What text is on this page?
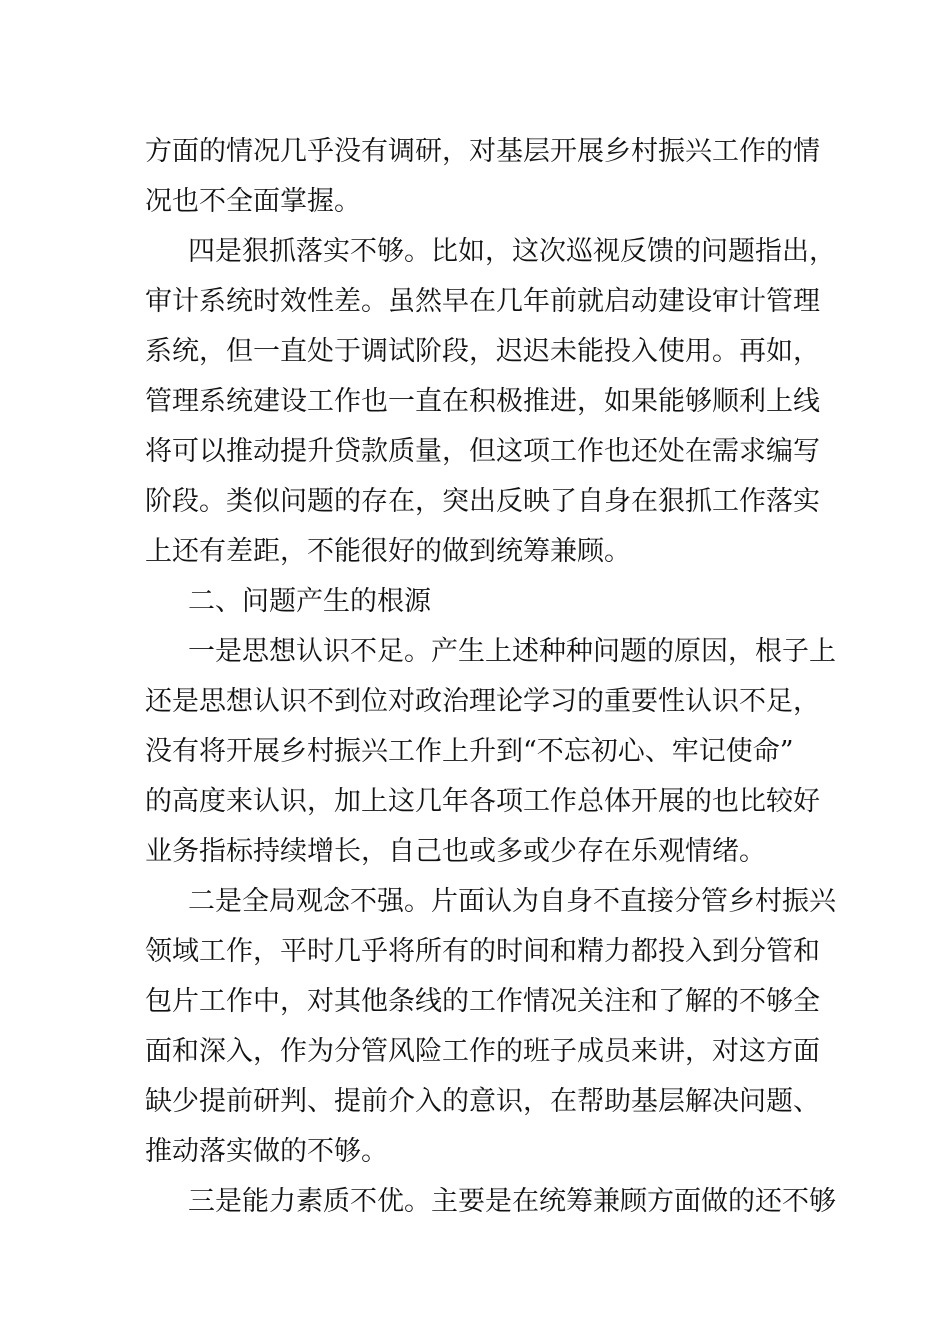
方面的情况几乎没有调研，对基层开展乡村振兴工作的情
况也不全面掌握。
四是狠抓落实不够。比如，这次巡视反馈的问题指出，
审计系统时效性差。虽然早在几年前就启动建设审计管理
系统，但一直处于调试阶段，迟迟未能投入使用。再如，
管理系统建设工作也一直在积极推进，如果能够顺利上线
将可以推动提升贷款质量，但这项工作也还处在需求编写
阶段。类似问题的存在，突出反映了自身在狠抓工作落实
上还有差距，不能很好的做到统筹兼顾。
二、问题产生的根源
一是思想认识不足。产生上述种种问题的原因，根子上
还是思想认识不到位对政治理论学习的重要性认识不足，
没有将开展乡村振兴工作上升到“不忘初心、牢记使命”
的高度来认识，加上这几年各项工作总体开展的也比较好
业务指标持续增长，自己也或多或少存在乐观情绪。
二是全局观念不强。片面认为自身不直接分管乡村振兴
领域工作，平时几乎将所有的时间和精力都投入到分管和
包片工作中，对其他条线的工作情况关注和了解的不够全
面和深入，作为分管风险工作的班子成员来讲，对这方面
缺少提前研判、提前介入的意识，在帮助基层解决问题、
推动落实做的不够。
三是能力素质不优。主要是在统筹兼顾方面做的还不够
